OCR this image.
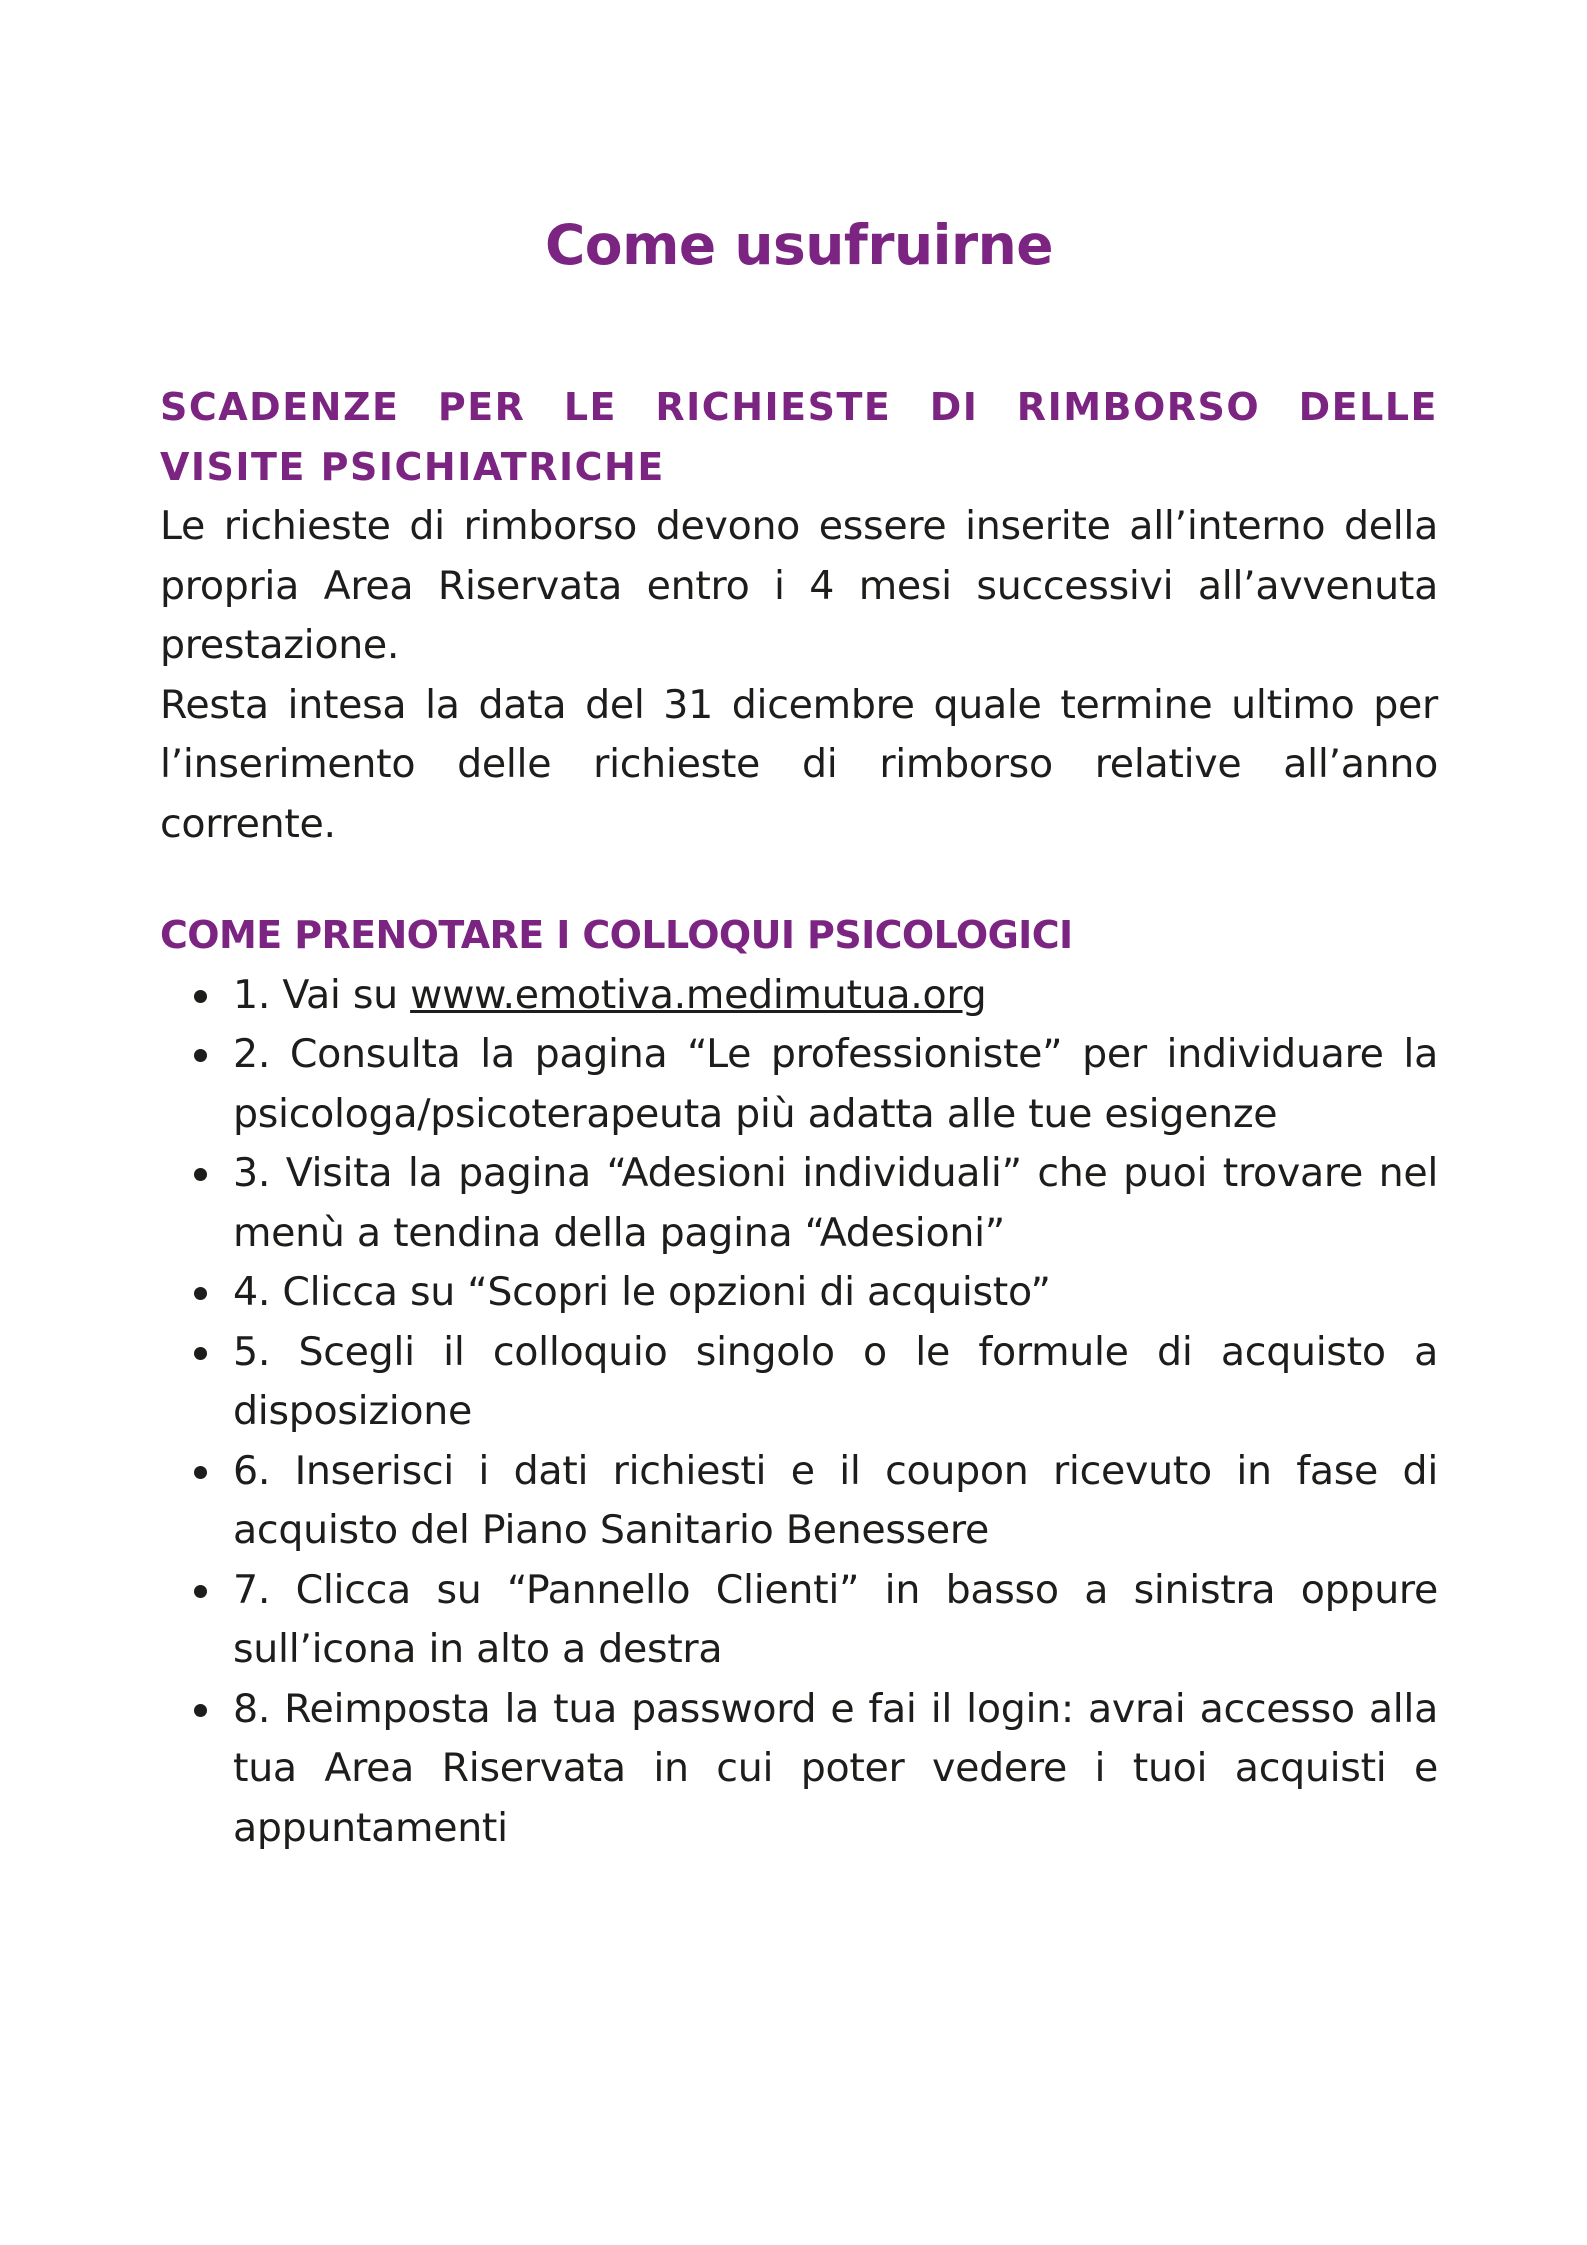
Come usufruirne

SCADENZE PER LE RICHIESTE DI RIMBORSO DELLE VISITE PSICHIATRICHE

Le richieste di rimborso devono essere inserite all’interno della propria Area Riservata entro i 4 mesi successivi all’avvenuta prestazione.

Resta intesa la data del 31 dicembre quale termine ultimo per l’inserimento delle richieste di rimborso relative all’anno corrente.

COME PRENOTARE I COLLOQUI PSICOLOGICI

1. Vai su www.emotiva.medimutua.org
2. Consulta la pagina “Le professioniste” per individuare la psicologa/psicoterapeuta più adatta alle tue esigenze
3. Visita la pagina “Adesioni individuali” che puoi trovare nel menù a tendina della pagina “Adesioni”
4. Clicca su “Scopri le opzioni di acquisto”
5. Scegli il colloquio singolo o le formule di acquisto a disposizione
6. Inserisci i dati richiesti e il coupon ricevuto in fase di acquisto del Piano Sanitario Benessere
7. Clicca su “Pannello Clienti” in basso a sinistra oppure sull’icona in alto a destra
8. Reimposta la tua password e fai il login: avrai accesso alla tua Area Riservata in cui poter vedere i tuoi acquisti e appuntamenti
